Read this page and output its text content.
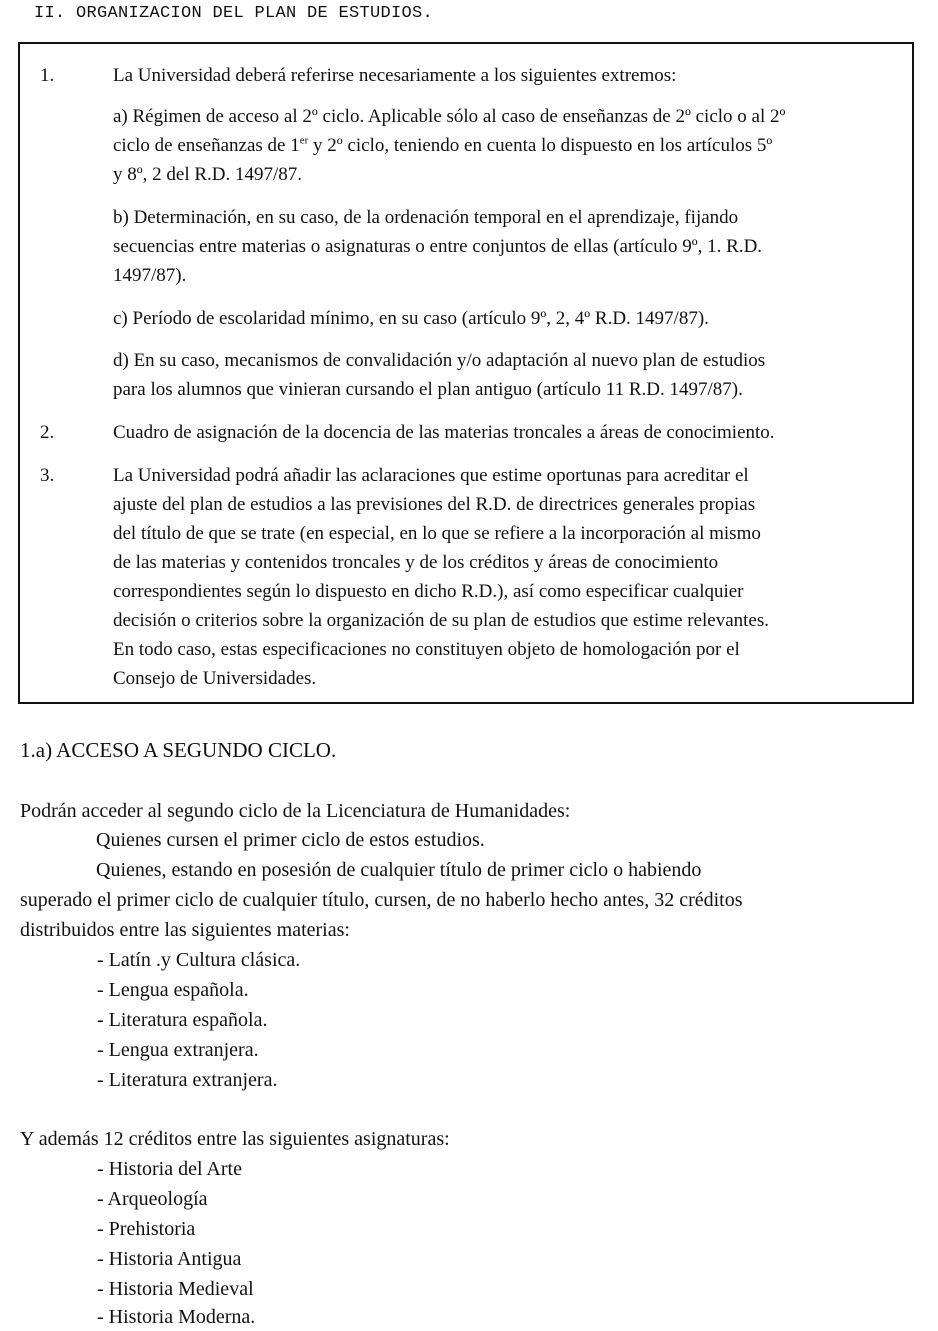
II. ORGANIZACION DEL PLAN DE ESTUDIOS.
1.	La Universidad deberá referirse necesariamente a los siguientes extremos:
a) Régimen de acceso al 2º ciclo. Aplicable sólo al caso de enseñanzas de 2º ciclo o al 2º
ciclo de enseñanzas de 1er y 2º ciclo, teniendo en cuenta lo dispuesto en los artículos 5º
y 8º, 2 del R.D. 1497/87.
b) Determinación, en su caso, de la ordenación temporal en el aprendizaje, fijando
secuencias entre materias o asignaturas o entre conjuntos de ellas (artículo 9º, 1. R.D.
1497/87).
c) Período de escolaridad mínimo, en su caso (artículo 9º, 2, 4º R.D. 1497/87).
d) En su caso, mecanismos de convalidación y/o adaptación al nuevo plan de estudios
para los alumnos que vinieran cursando el plan antiguo (artículo 11 R.D. 1497/87).
2.	Cuadro de asignación de la docencia de las materias troncales a áreas de conocimiento.
3.	La Universidad podrá añadir las aclaraciones que estime oportunas para acreditar el
ajuste del plan de estudios a las previsiones del R.D. de directrices generales propias
del título de que se trate (en especial, en lo que se refiere a la incorporación al mismo
de las materias y contenidos troncales y de los créditos y áreas de conocimiento
correspondientes según lo dispuesto en dicho R.D.), así como especificar cualquier
decisión o criterios sobre la organización de su plan de estudios que estime relevantes.
En todo caso, estas especificaciones no constituyen objeto de homologación por el
Consejo de Universidades.
1.a) ACCESO A SEGUNDO CICLO.
Podrán acceder al segundo ciclo de la Licenciatura de Humanidades:
Quienes cursen el primer ciclo de estos estudios.
Quienes, estando en posesión de cualquier título de primer ciclo o habiendo
superado el primer ciclo de cualquier título, cursen, de no haberlo hecho antes, 32 créditos
distribuidos entre las siguientes materias:
- Latín .y Cultura clásica.
- Lengua española.
- Literatura española.
- Lengua extranjera.
- Literatura extranjera.
Y además 12 créditos entre las siguientes asignaturas:
- Historia del Arte
- Arqueología
- Prehistoria
- Historia Antigua
- Historia Medieval
- Historia Moderna.
